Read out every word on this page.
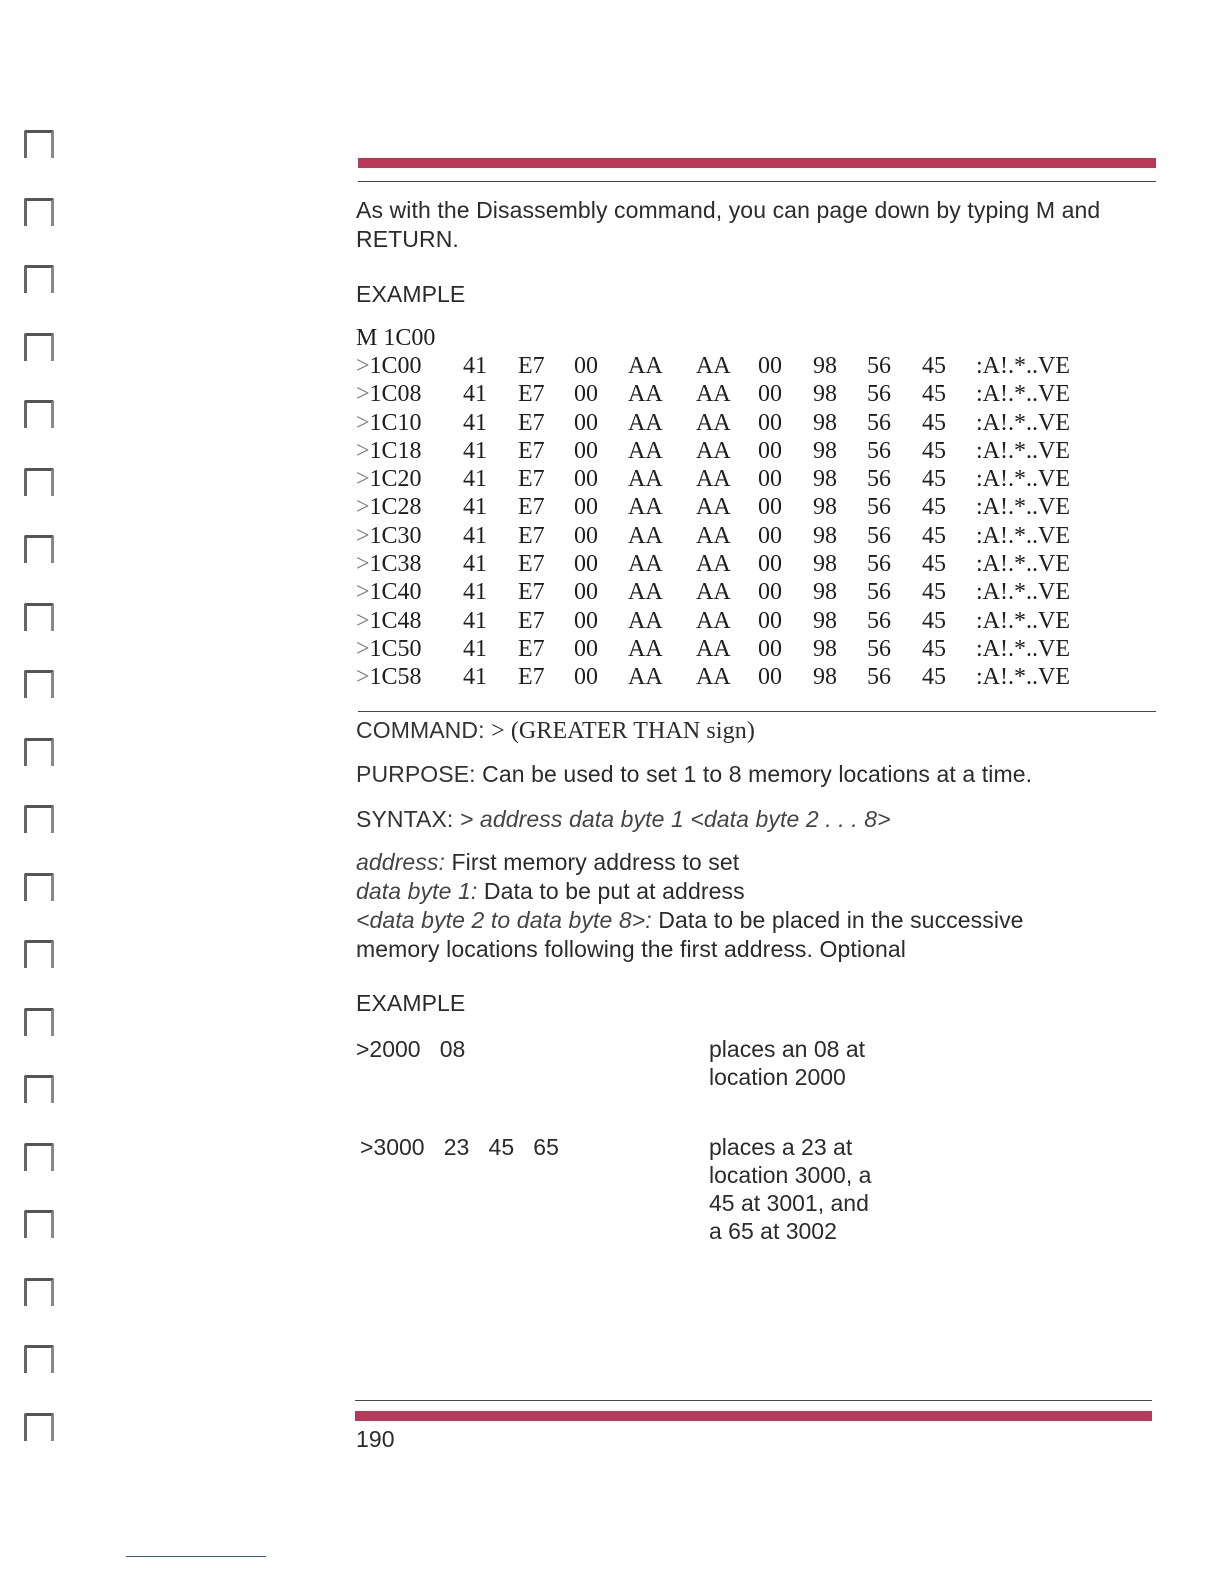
As with the Disassembly command, you can page down by typing M and RETURN.
EXAMPLE
M 1C00
>1C00 41 E7 00 AA AA 00 98 56 45 :A!.*..VE
>1C08 41 E7 00 AA AA 00 98 56 45 :A!.*..VE
>1C10 41 E7 00 AA AA 00 98 56 45 :A!.*..VE
>1C18 41 E7 00 AA AA 00 98 56 45 :A!.*..VE
>1C20 41 E7 00 AA AA 00 98 56 45 :A!.*..VE
>1C28 41 E7 00 AA AA 00 98 56 45 :A!.*..VE
>1C30 41 E7 00 AA AA 00 98 56 45 :A!.*..VE
>1C38 41 E7 00 AA AA 00 98 56 45 :A!.*..VE
>1C40 41 E7 00 AA AA 00 98 56 45 :A!.*..VE
>1C48 41 E7 00 AA AA 00 98 56 45 :A!.*..VE
>1C50 41 E7 00 AA AA 00 98 56 45 :A!.*..VE
>1C58 41 E7 00 AA AA 00 98 56 45 :A!.*..VE
COMMAND: > (GREATER THAN sign)
PURPOSE: Can be used to set 1 to 8 memory locations at a time.
SYNTAX: > address data byte 1 <data byte 2 . . . 8>
address: First memory address to set
data byte 1: Data to be put at address
<data byte 2 to data byte 8>: Data to be placed in the successive
memory locations following the first address. Optional
EXAMPLE
>2000   08	places an 08 at
location 2000
>3000   23   45   65	places a 23 at
location 3000, a
45 at 3001, and
a 65 at 3002
190
